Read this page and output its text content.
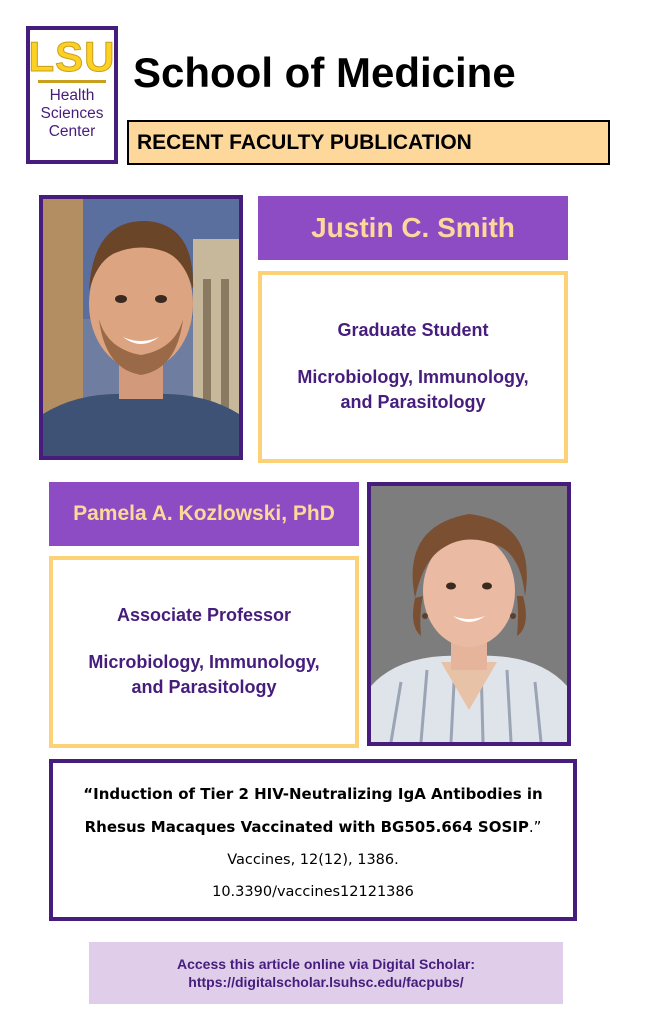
LSU
Health
Sciences
Center
School of Medicine
RECENT FACULTY PUBLICATION
Justin C. Smith
Graduate Student
Microbiology, Immunology,
and Parasitology
Pamela A. Kozlowski, PhD
Associate Professor
Microbiology, Immunology,
and Parasitology
“Induction of Tier 2 HIV-Neutralizing IgA Antibodies in
Rhesus Macaques Vaccinated with BG505.664 SOSIP.”
Vaccines, 12(12), 1386.
10.3390/vaccines12121386
Access this article online via Digital Scholar:
https://digitalscholar.lsuhsc.edu/facpubs/
